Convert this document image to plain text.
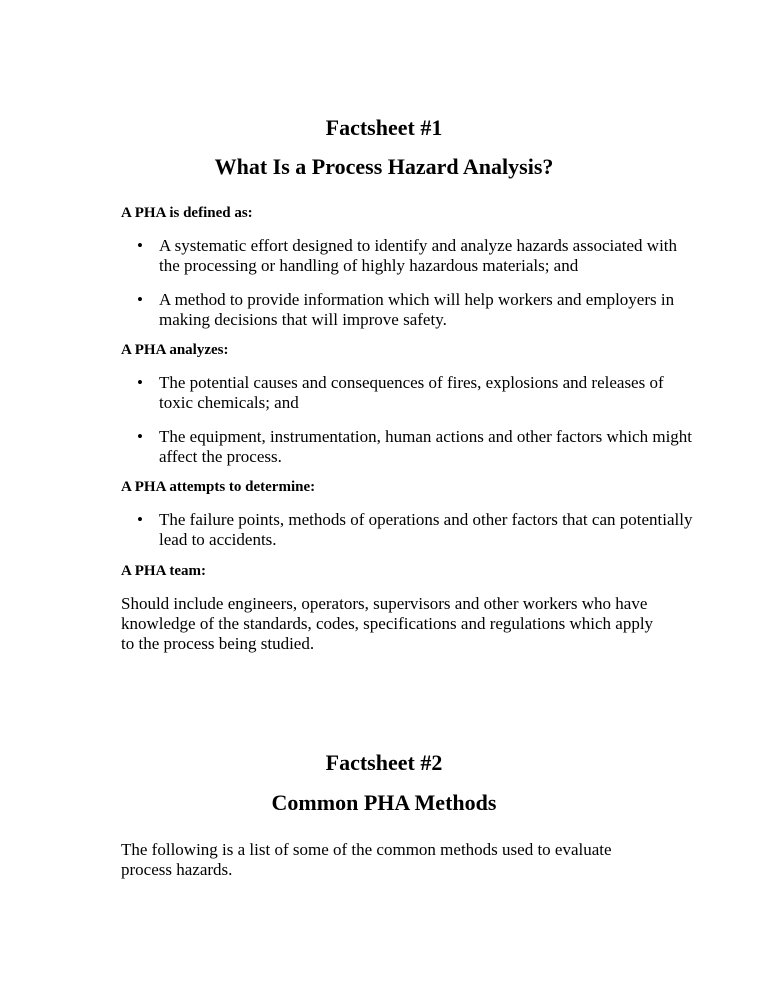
Factsheet #1
What Is a Process Hazard Analysis?
A PHA is defined as:
• A systematic effort designed to identify and analyze hazards associated with the processing or handling of highly hazardous materials; and
• A method to provide information which will help workers and employers in making decisions that will improve safety.
A PHA analyzes:
• The potential causes and consequences of fires, explosions and releases of toxic chemicals; and
• The equipment, instrumentation, human actions and other factors which might affect the process.
A PHA attempts to determine:
• The failure points, methods of operations and other factors that can potentially lead to accidents.
A PHA team:
Should include engineers, operators, supervisors and other workers who have knowledge of the standards, codes, specifications and regulations which apply to the process being studied.
Factsheet #2
Common PHA Methods
The following is a list of some of the common methods used to evaluate process hazards.
